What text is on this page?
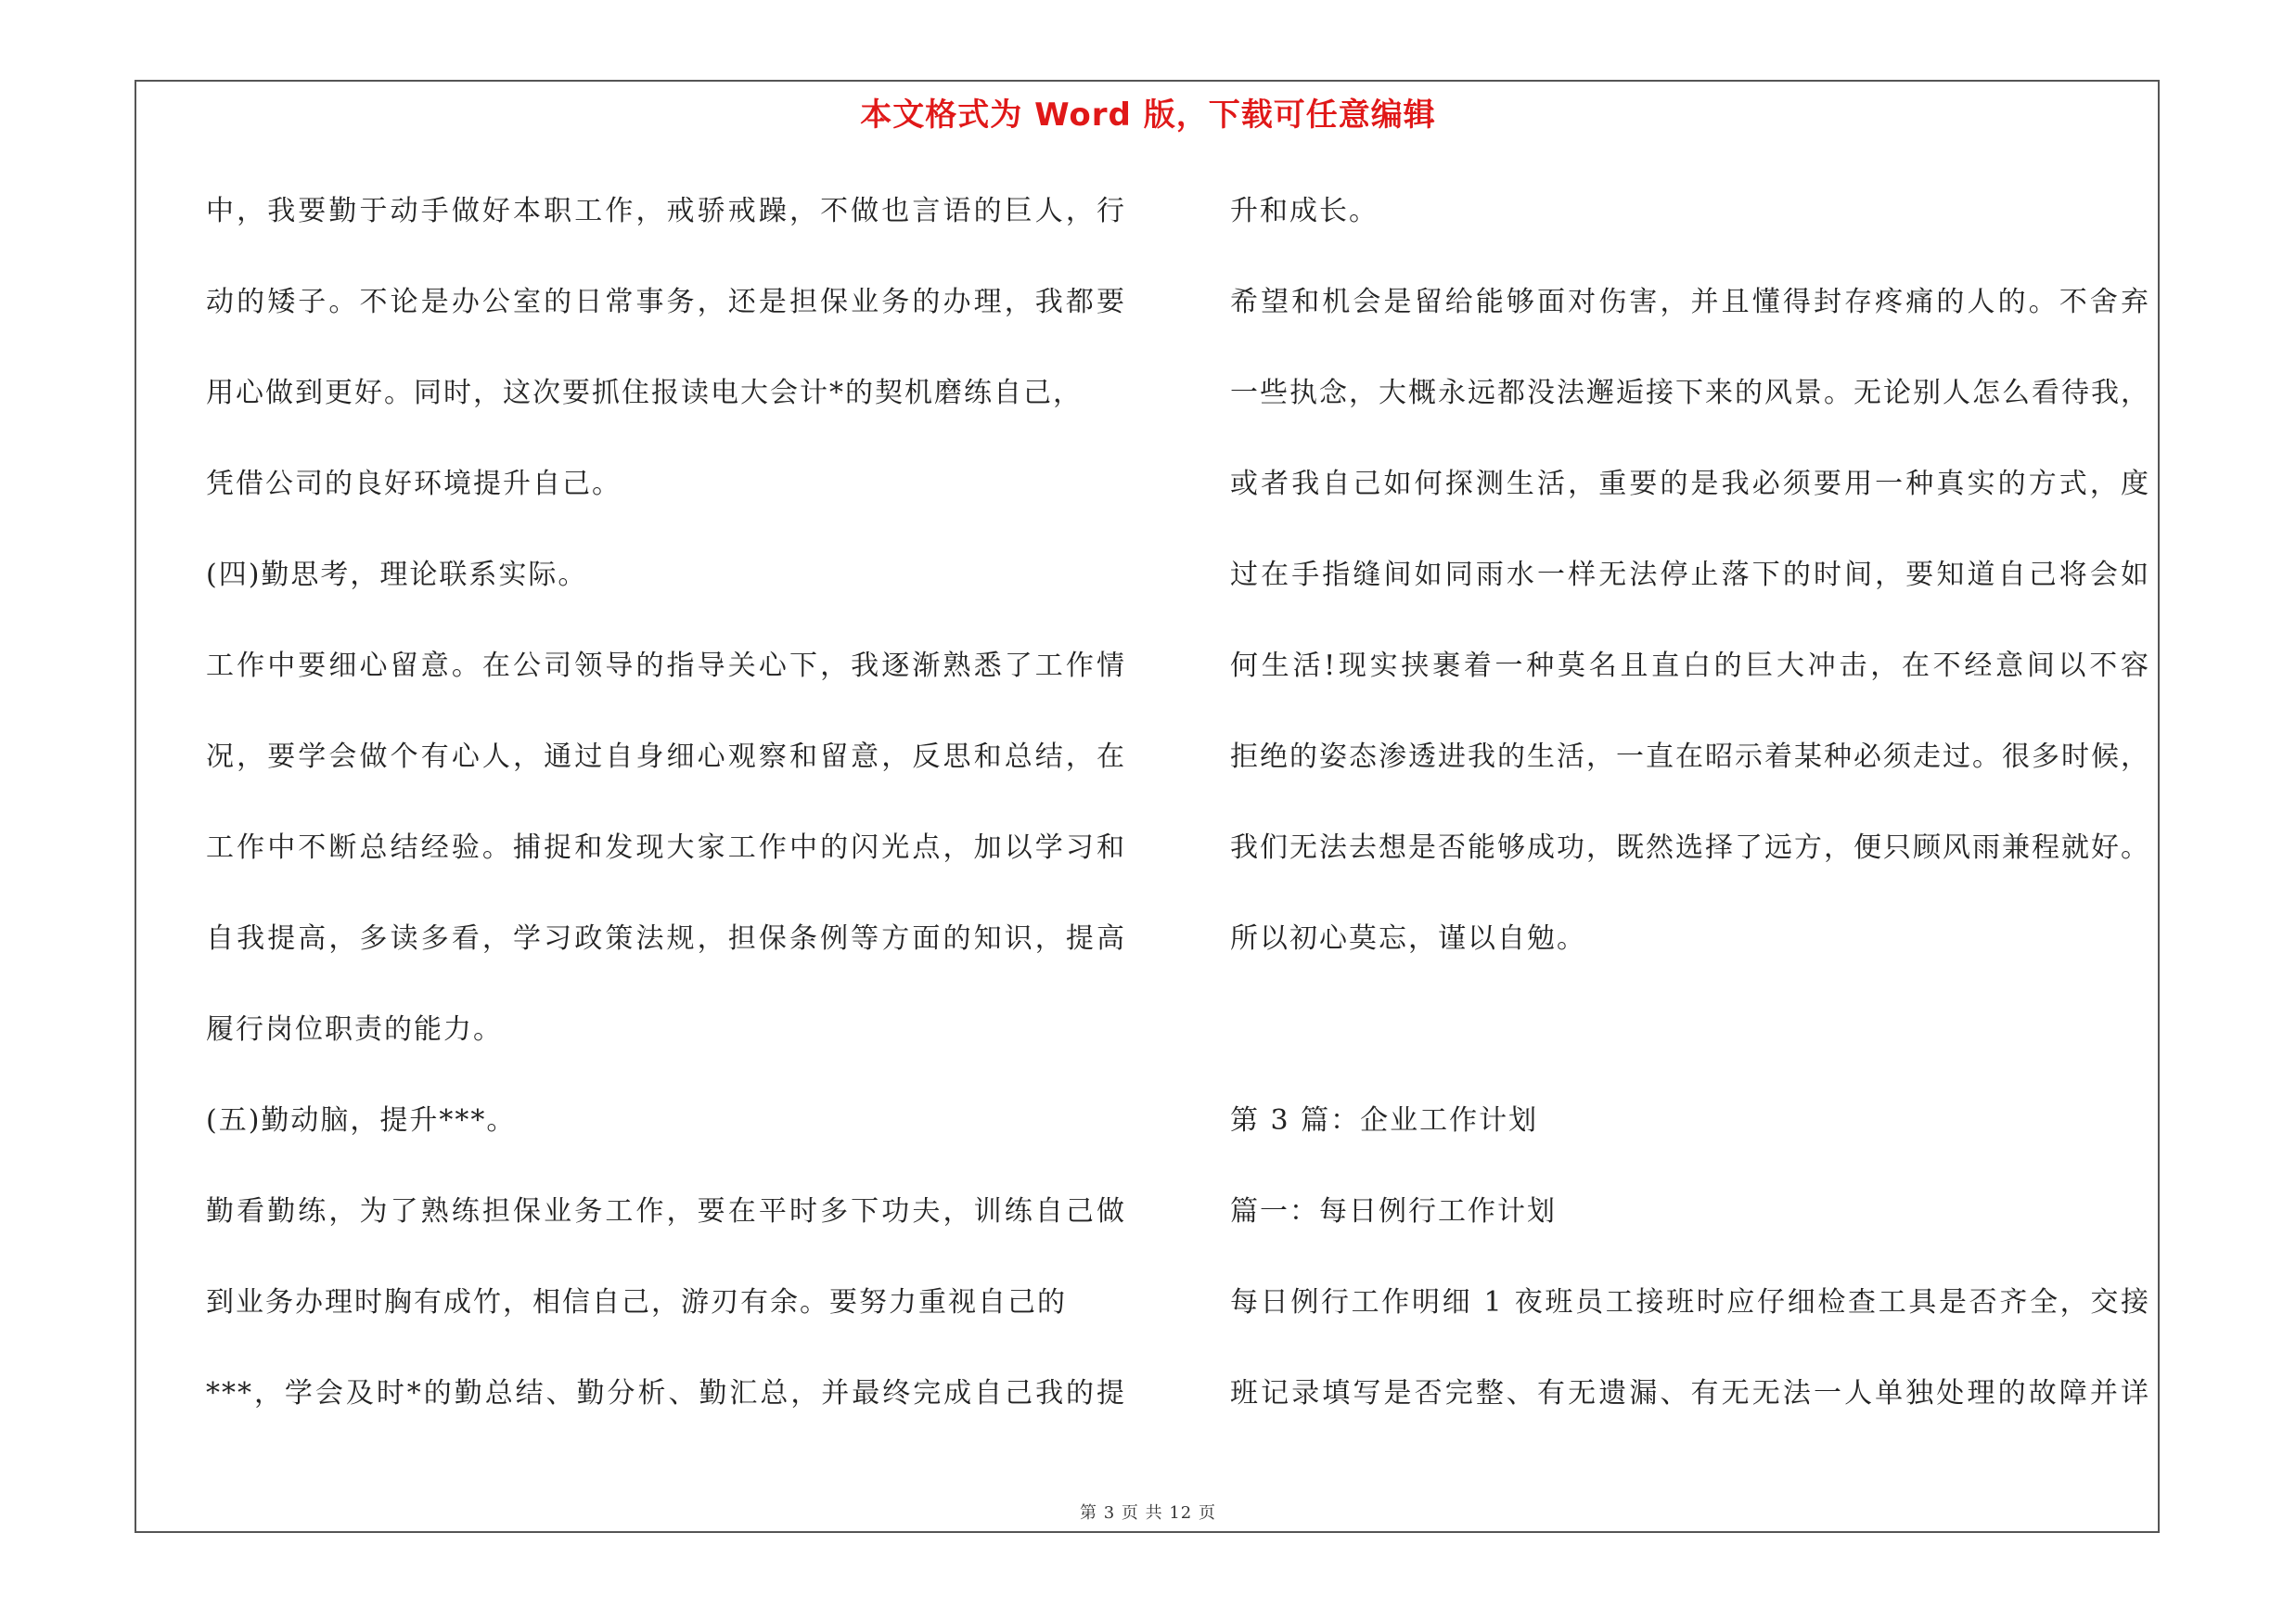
本文格式为 Word 版，下载可任意编辑
中，我要勤于动手做好本职工作，戒骄戒躁，不做也言语的巨人，行
动的矮子。不论是办公室的日常事务，还是担保业务的办理，我都要
用心做到更好。同时，这次要抓住报读电大会计*的契机磨练自己，
凭借公司的良好环境提升自己。
(四)勤思考，理论联系实际。
工作中要细心留意。在公司领导的指导关心下，我逐渐熟悉了工作情
况，要学会做个有心人，通过自身细心观察和留意，反思和总结，在
工作中不断总结经验。捕捉和发现大家工作中的闪光点，加以学习和
自我提高，多读多看，学习政策法规，担保条例等方面的知识，提高
履行岗位职责的能力。
(五)勤动脑，提升***。
勤看勤练，为了熟练担保业务工作，要在平时多下功夫，训练自己做
到业务办理时胸有成竹，相信自己，游刃有余。要努力重视自己的
***，学会及时*的勤总结、勤分析、勤汇总，并最终完成自己我的提
升和成长。
希望和机会是留给能够面对伤害，并且懂得封存疼痛的人的。不舍弃
一些执念，大概永远都没法邂逅接下来的风景。无论别人怎么看待我，
或者我自己如何探测生活，重要的是我必须要用一种真实的方式，度
过在手指缝间如同雨水一样无法停止落下的时间，要知道自己将会如
何生活!现实挟裹着一种莫名且直白的巨大冲击，在不经意间以不容
拒绝的姿态渗透进我的生活，一直在昭示着某种必须走过。很多时候，
我们无法去想是否能够成功，既然选择了远方，便只顾风雨兼程就好。
所以初心莫忘，谨以自勉。
第 3 篇：企业工作计划
篇一：每日例行工作计划
每日例行工作明细 1 夜班员工接班时应仔细检查工具是否齐全，交接
班记录填写是否完整、有无遗漏、有无无法一人单独处理的故障并详
第 3 页 共 12 页
